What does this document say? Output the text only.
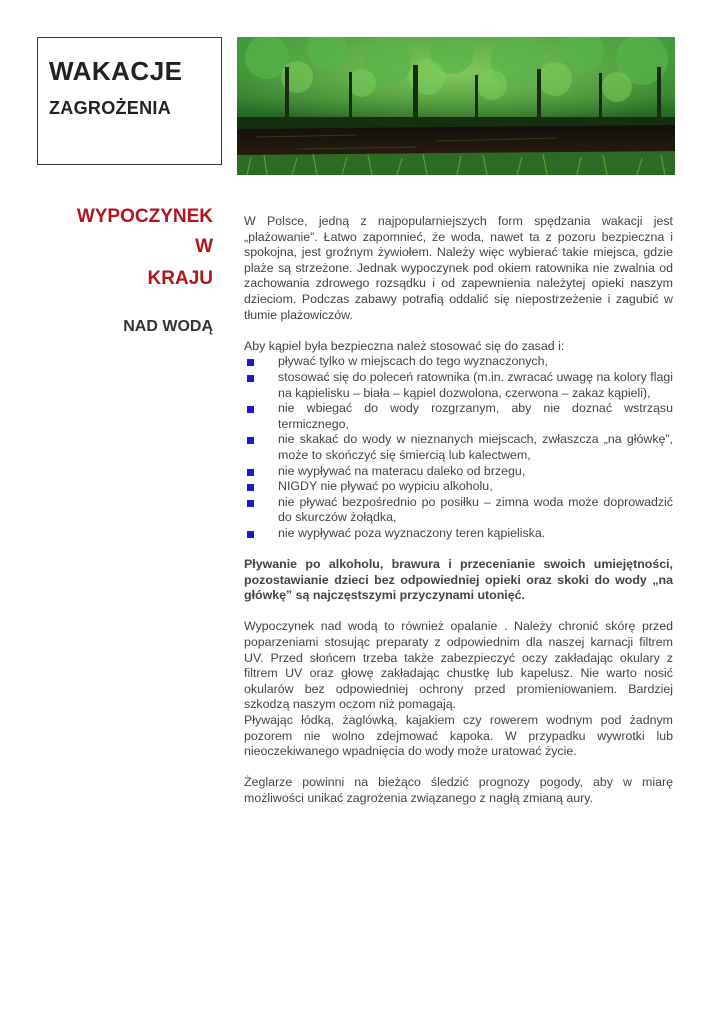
WAKACJE
ZAGROŻENIA
WYPOCZYNEK
W
KRAJU
NAD WODĄ

W Polsce, jedną z najpopularniejszych form spędzania wakacji jest „plażowanie”. Łatwo zapomnieć, że woda, nawet ta z pozoru bezpieczna i spokojna, jest groźnym żywiołem. Należy więc wybierać takie miejsca, gdzie plaże są strzeżone. Jednak wypoczynek pod okiem ratownika nie zwalnia od zachowania zdrowego rozsądku i od zapewnienia należytej opieki naszym dzieciom. Podczas zabawy potrafią oddalić się niepostrzeżenie i zagubić w tłumie plażowiczów.

Aby kąpiel była bezpieczna należ stosować się do zasad i:

pływać tylko w miejscach do tego wyznaczonych,
stosować się do poleceń ratownika (m.in. zwracać uwagę na kolory flagi na kąpielisku – biała – kąpiel dozwolona, czerwona – zakaz kąpieli),
nie wbiegać do wody rozgrzanym, aby nie doznać wstrząsu termicznego,
nie skakać do wody w nieznanych miejscach, zwłaszcza „na główkę”, może to skończyć się śmiercią lub kalectwem,
nie wypływać na materacu daleko od brzegu,
NIGDY nie pływać po wypiciu alkoholu,
nie pływać bezpośrednio po posiłku – zimna woda może doprowadzić do skurczów żołądka,
nie wypływać poza wyznaczony teren kąpieliska.

Pływanie po alkoholu, brawura i przecenianie swoich umiejętności, pozostawianie dzieci bez odpowiedniej opieki oraz skoki do wody „na główkę” są najczęstszymi przyczynami utonięć.

Wypoczynek nad wodą to również opalanie . Należy chronić skórę przed poparzeniami stosując preparaty z odpowiednim dla naszej karnacji filtrem UV. Przed słońcem trzeba także zabezpieczyć oczy zakładając okulary z filtrem UV oraz głowę zakładając chustkę lub kapelusz. Nie warto nosić okularów bez odpowiedniej ochrony przed promieniowaniem. Bardziej szkodzą naszym oczom niż pomagają.

Pływając łódką, żaglówką, kajakiem czy rowerem wodnym pod żadnym pozorem nie wolno zdejmować kapoka. W przypadku wywrotki lub nieoczekiwanego wpadnięcia do wody może uratować życie.

Żeglarze powinni na bieżąco śledzić prognozy pogody, aby w miarę możliwości unikać zagrożenia związanego z nagłą zmianą aury.
